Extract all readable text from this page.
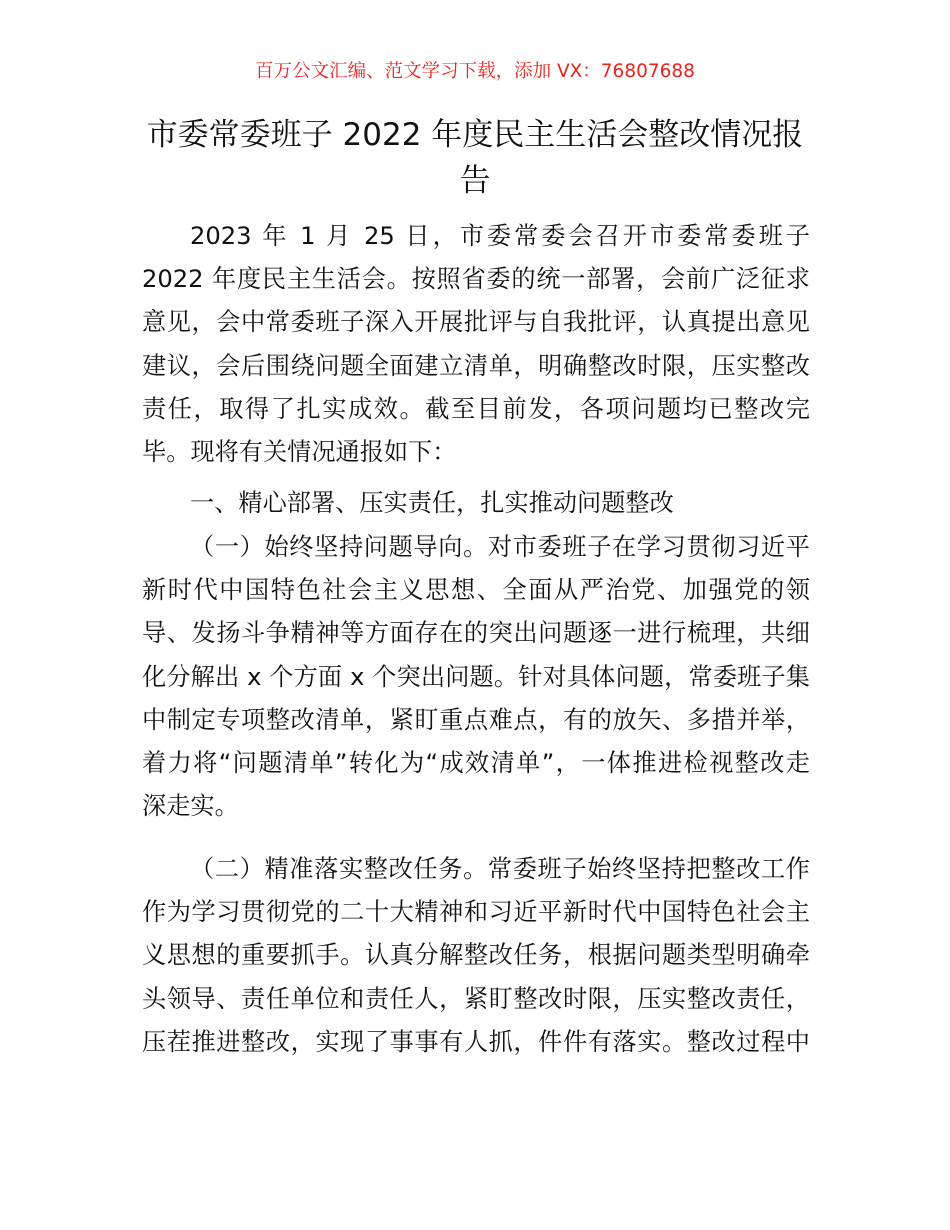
百万公文汇编、范文学习下载，添加 VX：76807688
市委常委班子 2022 年度民主生活会整改情况报
告
2023 年 1 月 25 日，市委常委会召开市委常委班子
2022 年度民主生活会。按照省委的统一部署，会前广泛征求
意见，会中常委班子深入开展批评与自我批评，认真提出意见
建议，会后围绕问题全面建立清单，明确整改时限，压实整改
责任，取得了扎实成效。截至目前发，各项问题均已整改完
毕。现将有关情况通报如下：
一、精心部署、压实责任，扎实推动问题整改
（一）始终坚持问题导向。对市委班子在学习贯彻习近平
新时代中国特色社会主义思想、全面从严治党、加强党的领
导、发扬斗争精神等方面存在的突出问题逐一进行梳理，共细
化分解出 x 个方面 x 个突出问题。针对具体问题，常委班子集
中制定专项整改清单，紧盯重点难点，有的放矢、多措并举，
着力将“问题清单”转化为“成效清单”，一体推进检视整改走
深走实。
（二）精准落实整改任务。常委班子始终坚持把整改工作
作为学习贯彻党的二十大精神和习近平新时代中国特色社会主
义思想的重要抓手。认真分解整改任务，根据问题类型明确牵
头领导、责任单位和责任人，紧盯整改时限，压实整改责任，
压茬推进整改，实现了事事有人抓，件件有落实。整改过程中
